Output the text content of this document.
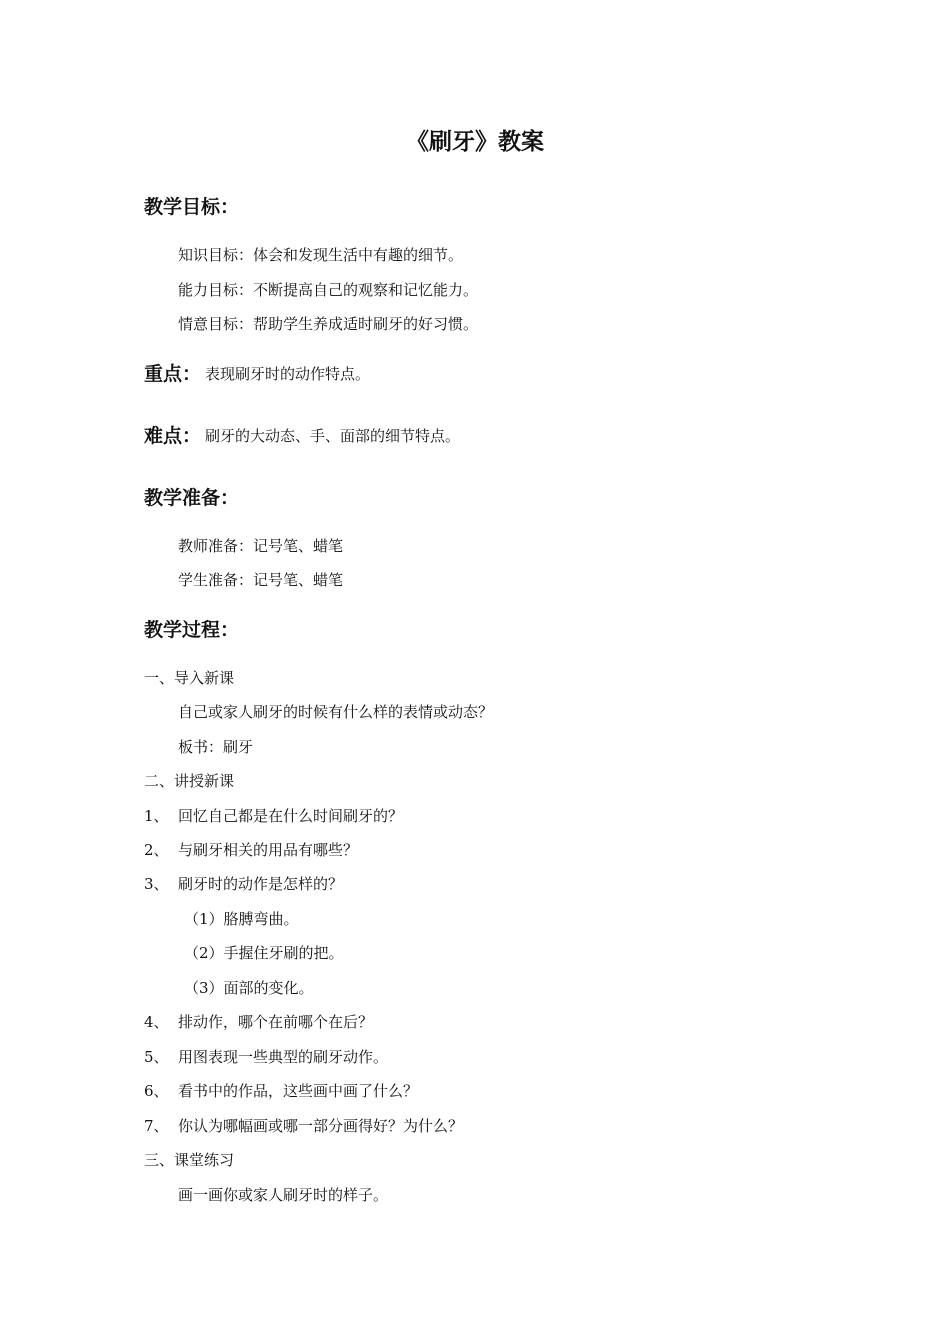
《刷牙》教案
教学目标：

知识目标：体会和发现生活中有趣的细节。

能力目标：不断提高自己的观察和记忆能力。

情意目标：帮助学生养成适时刷牙的好习惯。

重点： 表现刷牙时的动作特点。
难点： 刷牙的大动态、手、面部的细节特点。
教学准备：

教师准备：记号笔、蜡笔

学生准备：记号笔、蜡笔

教学过程：

一、导入新课

自己或家人刷牙的时候有什么样的表情或动态？

板书：刷牙

二、讲授新课

1、 回忆自己都是在什么时间刷牙的？

2、 与刷牙相关的用品有哪些？

3、 刷牙时的动作是怎样的？

（1）胳膊弯曲。

（2）手握住牙刷的把。

（3）面部的变化。

4、 排动作，哪个在前哪个在后？

5、 用图表现一些典型的刷牙动作。

6、 看书中的作品，这些画中画了什么？

7、 你认为哪幅画或哪一部分画得好？为什么？

三、课堂练习

画一画你或家人刷牙时的样子。
